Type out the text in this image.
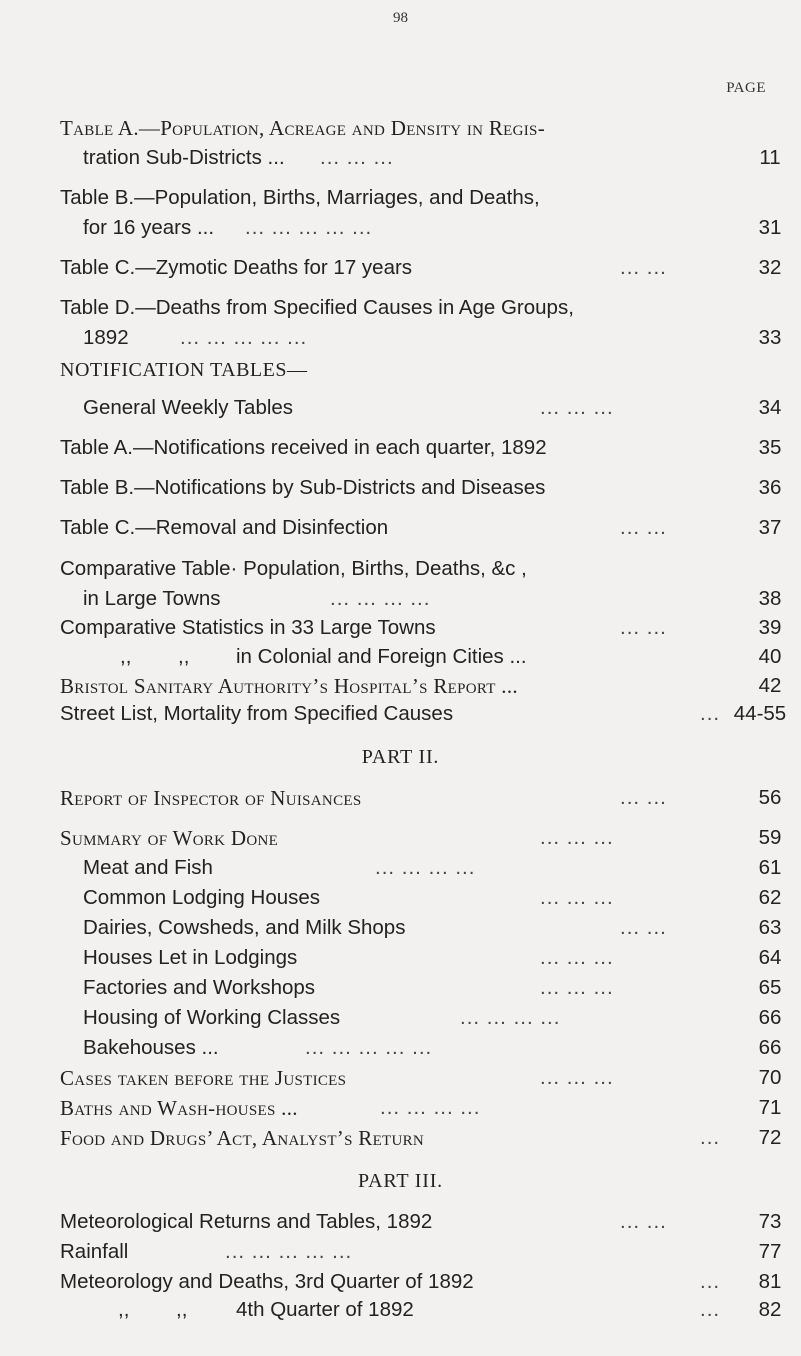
98
PAGE
Table A.—Population, Acreage and Density in Regis-
tration Sub-Districts ... ... ... ...	11
Table B.—Population, Births, Marriages, and Deaths,
for 16 years ... ... ... ... ... ...	31
Table C.—Zymotic Deaths for 17 years	... ...	32
Table D.—Deaths from Specified Causes in Age Groups,
1892	... ... ... ... ...	33
NOTIFICATION TABLES—
General Weekly Tables	... ... ...	34
Table A.—Notifications received in each quarter, 1892	35
Table B.—Notifications by Sub-Districts and Diseases	36
Table C.—Removal and Disinfection	... ...	37
Comparative Table· Population, Births, Deaths, &c ,
in Large Towns	... ... ... ...	38
Comparative Statistics in 33 Large Towns	... ...	39
,, ,, in Colonial and Foreign Cities ...	40
Bristol Sanitary Authority’s Hospital’s Report ...	42
Street List, Mortality from Specified Causes	... 44-55
PART II.
Report of Inspector of Nuisances	... ...	56
Summary of Work Done	... ... ...	59
Meat and Fish	... ... ... ...	61
Common Lodging Houses	... ... ...	62
Dairies, Cowsheds, and Milk Shops	... ...	63
Houses Let in Lodgings	... ... ...	64
Factories and Workshops	... ... ...	65
Housing of Working Classes	... ... ... ...	66
Bakehouses ...	... ... ... ... ...	66
Cases taken before the Justices	... ... ...	70
Baths and Wash-houses ...	... ... ... ...	71
Food and Drugs’ Act, Analyst’s Return	... 72
PART III.
Meteorological Returns and Tables, 1892	... ...	73
Rainfall	... ... ... ... ...	77
Meteorology and Deaths, 3rd Quarter of 1892	... 81
,, ,, 4th Quarter of 1892	... 82
